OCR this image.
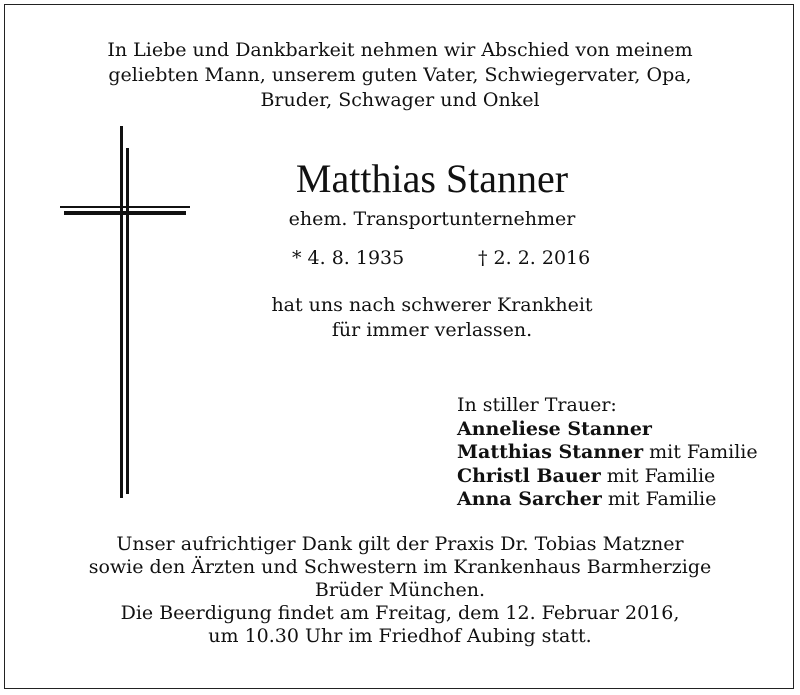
In Liebe und Dankbarkeit nehmen wir Abschied von meinem
geliebten Mann, unserem guten Vater, Schwiegervater, Opa,
Bruder, Schwager und Onkel
Matthias Stanner
ehem. Transportunternehmer
* 4. 8. 1935	† 2. 2. 2016
hat uns nach schwerer Krankheit
für immer verlassen.
In stiller Trauer:
Anneliese Stanner
Matthias Stanner mit Familie
Christl Bauer mit Familie
Anna Sarcher mit Familie
Unser aufrichtiger Dank gilt der Praxis Dr. Tobias Matzner
sowie den Ärzten und Schwestern im Krankenhaus Barmherzige
Brüder München.
Die Beerdigung findet am Freitag, dem 12. Februar 2016,
um 10.30 Uhr im Friedhof Aubing statt.
